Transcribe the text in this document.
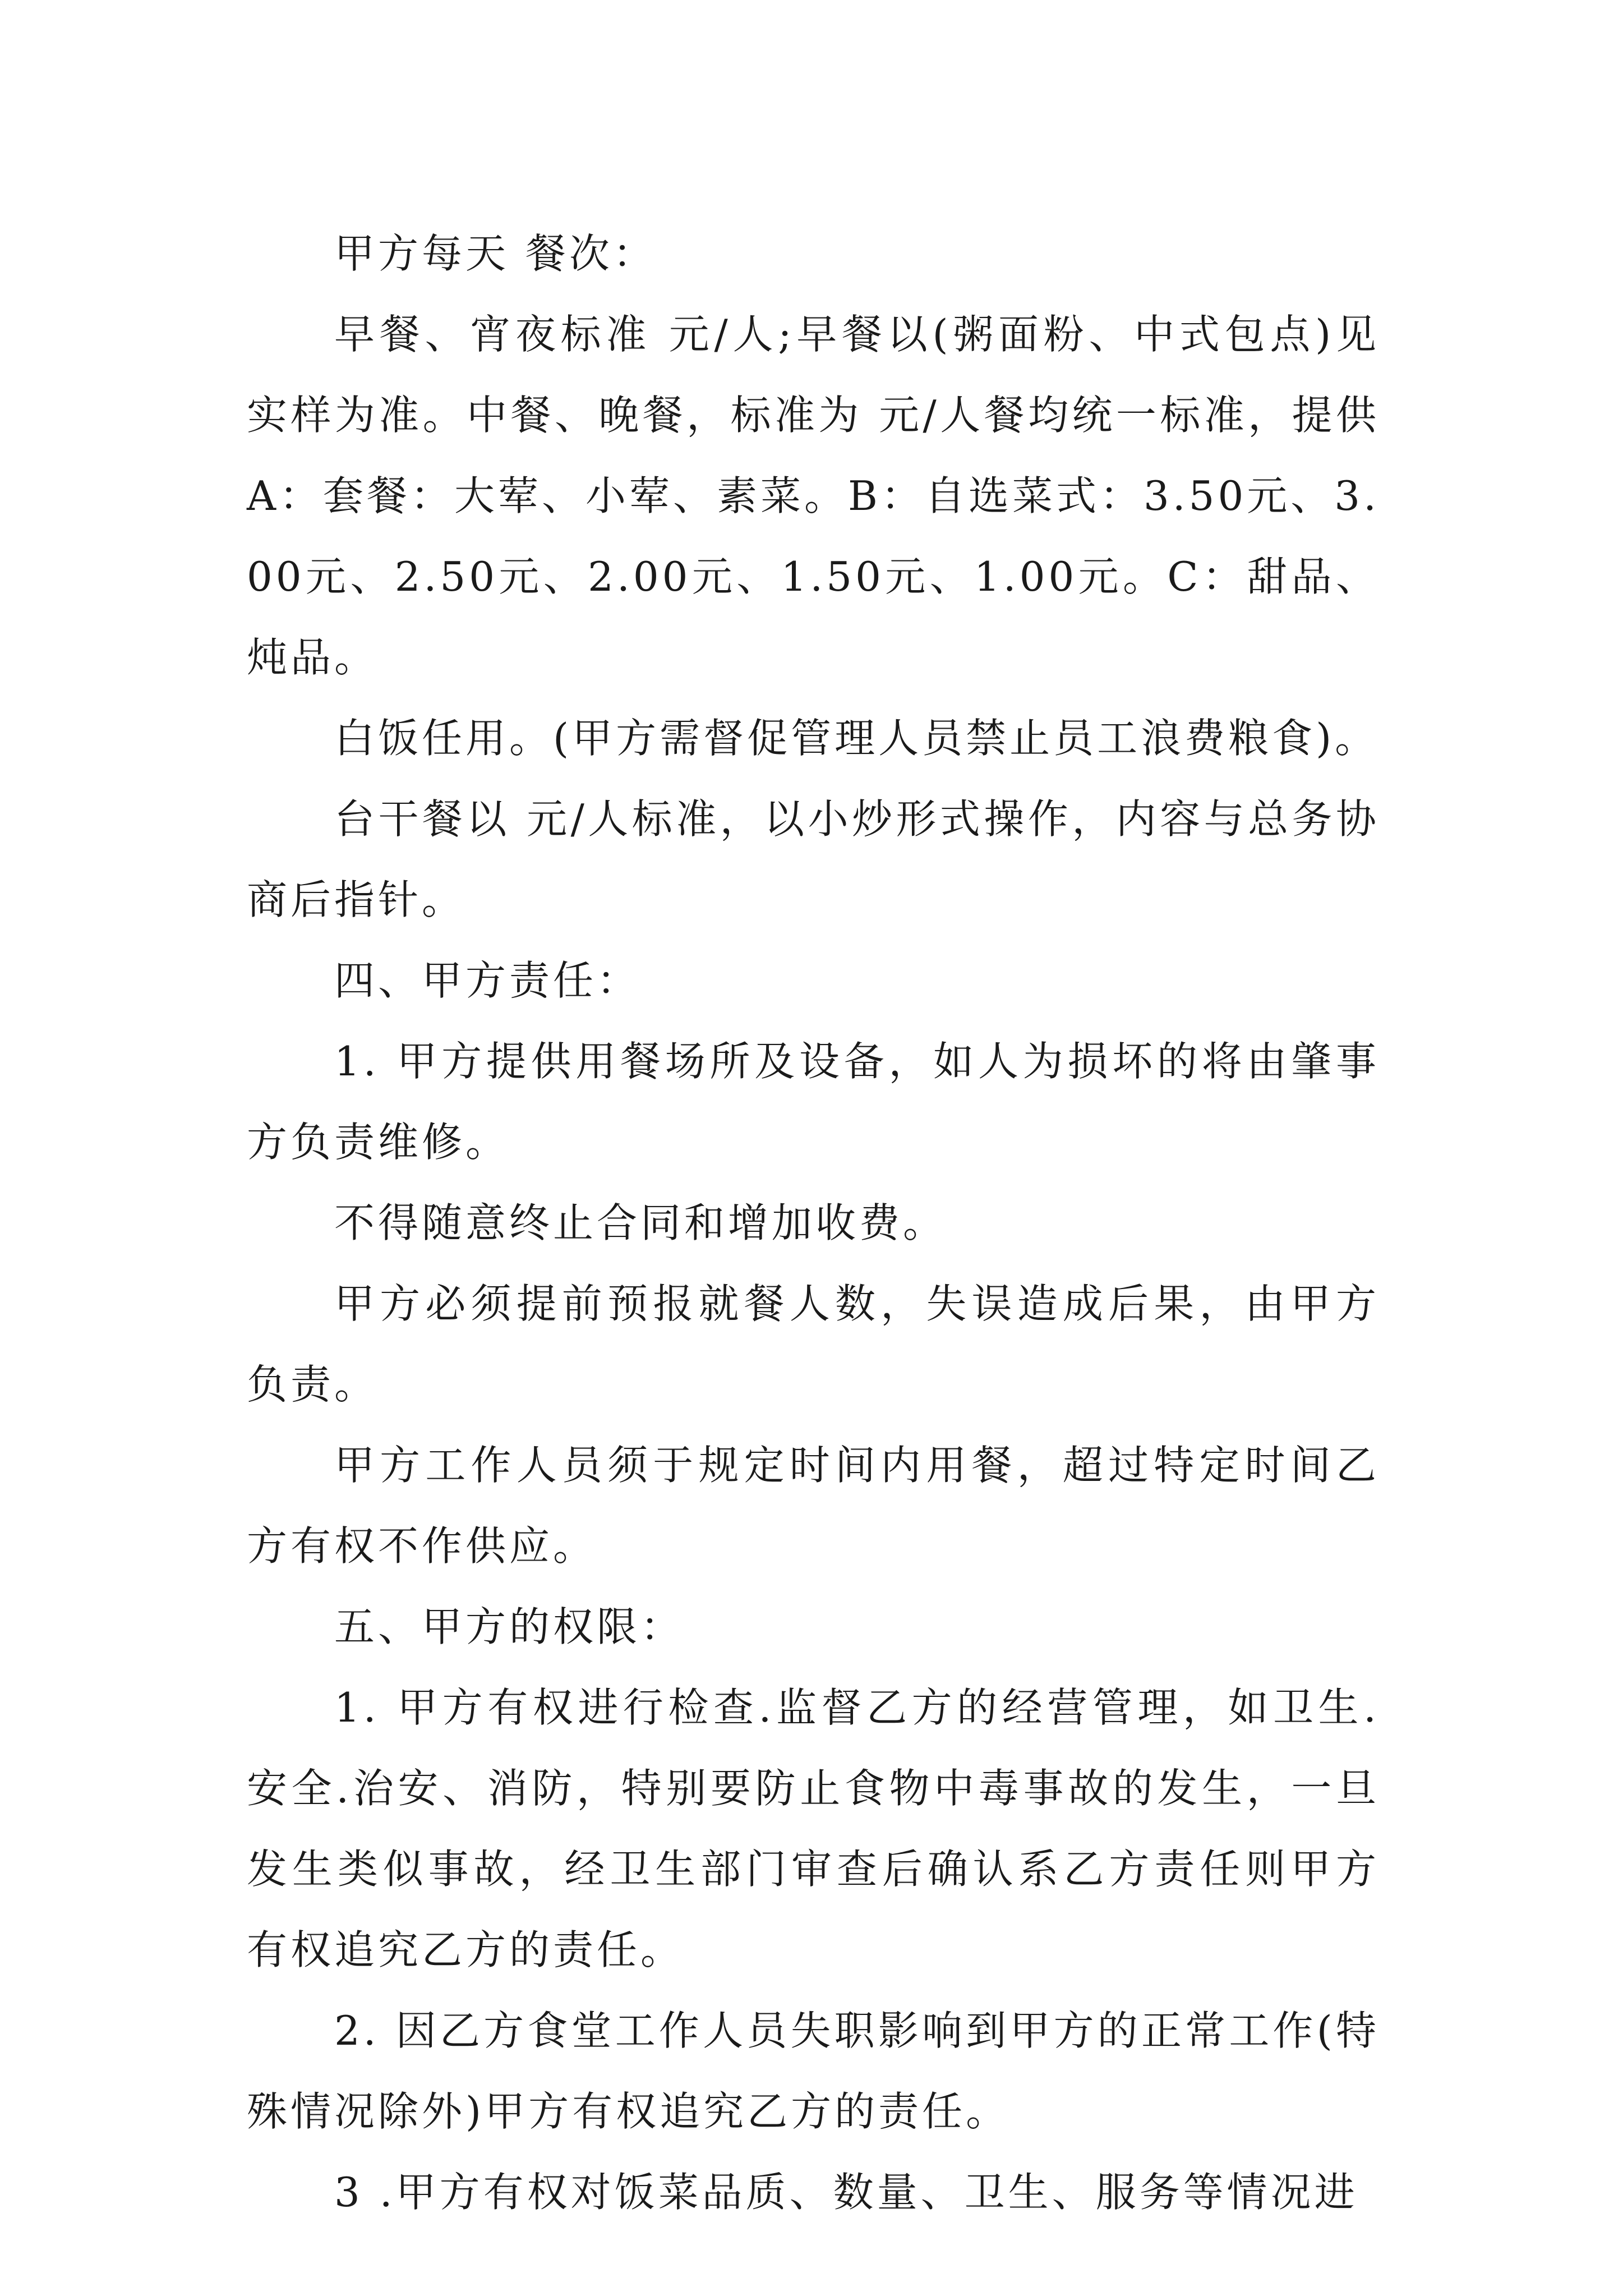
甲方每天 餐次：

早餐、宵夜标准 元/人;早餐以(粥面粉、中式包点)见实样为准。中餐、晚餐，标准为 元/人餐均统一标准，提供A：套餐：大荤、小荤、素菜。B：自选菜式：3.50元、3.00元、2.50元、2.00元、1.50元、1.00元。C：甜品、炖品。

白饭任用。(甲方需督促管理人员禁止员工浪费粮食)。

台干餐以 元/人标准，以小炒形式操作，内容与总务协商后指针。

四、甲方责任：

1. 甲方提供用餐场所及设备，如人为损坏的将由肇事方负责维修。

不得随意终止合同和增加收费。

甲方必须提前预报就餐人数，失误造成后果，由甲方负责。

甲方工作人员须于规定时间内用餐，超过特定时间乙方有权不作供应。

五、甲方的权限：

1. 甲方有权进行检查.监督乙方的经营管理，如卫生.安全.治安、消防，特别要防止食物中毒事故的发生，一旦发生类似事故，经卫生部门审查后确认系乙方责任则甲方有权追究乙方的责任。

2. 因乙方食堂工作人员失职影响到甲方的正常工作(特殊情况除外)甲方有权追究乙方的责任。

3 .甲方有权对饭菜品质、数量、卫生、服务等情况进
